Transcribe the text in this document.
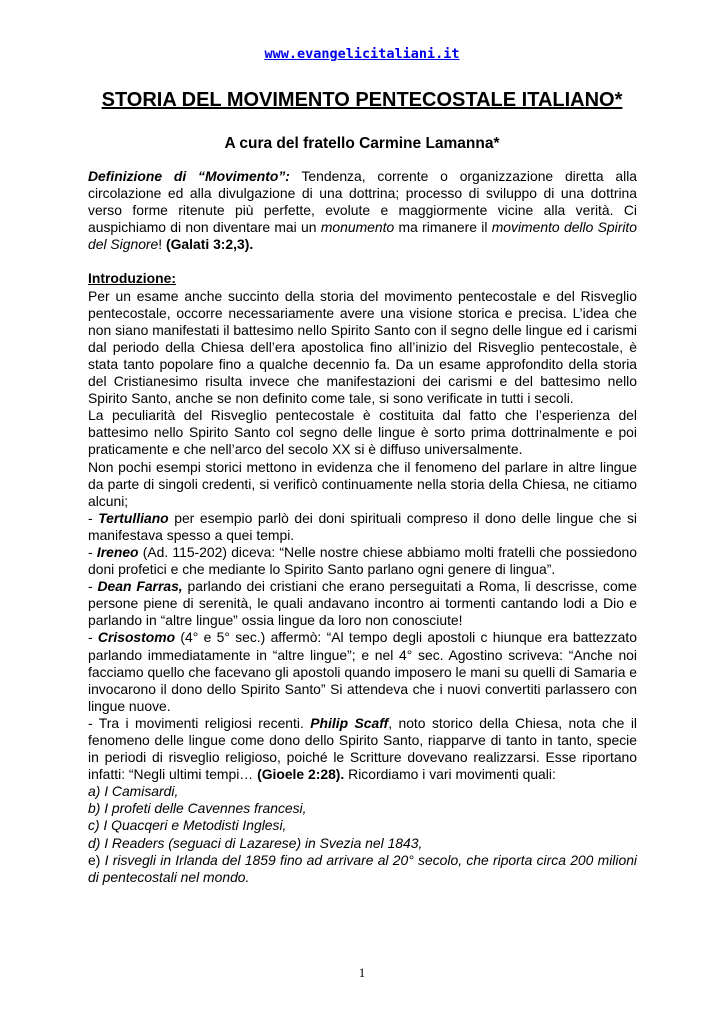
www.evangelicitaliani.it
STORIA DEL MOVIMENTO PENTECOSTALE ITALIANO*
A cura del fratello Carmine Lamanna*

Definizione di “Movimento”: Tendenza, corrente o organizzazione diretta alla circolazione ed alla divulgazione di una dottrina; processo di sviluppo di una dottrina verso forme ritenute più perfette, evolute e maggiormente vicine alla verità. Ci auspichiamo di non diventare mai un monumento ma rimanere il movimento dello Spirito del Signore! (Galati 3:2,3).

Introduzione:

Per un esame anche succinto della storia del movimento pentecostale e del Risveglio pentecostale, occorre necessariamente avere una visione storica e precisa. L’idea che non siano manifestati il battesimo nello Spirito Santo con il segno delle lingue ed i carismi dal periodo della Chiesa dell’era apostolica fino all’inizio del Risveglio pentecostale, è stata tanto popolare fino a qualche decennio fa. Da un esame approfondito della storia del Cristianesimo risulta invece che manifestazioni dei carismi e del battesimo nello Spirito Santo, anche se non definito come tale, si sono verificate in tutti i secoli.

La peculiarità del Risveglio pentecostale è costituita dal fatto che l’esperienza del battesimo nello Spirito Santo col segno delle lingue è sorto prima dottrinalmente e poi praticamente e che nell’arco del secolo XX si è diffuso universalmente.

Non pochi esempi storici mettono in evidenza che il fenomeno del parlare in altre lingue da parte di singoli credenti, si verificò continuamente nella storia della Chiesa, ne citiamo alcuni;

- Tertulliano per esempio parlò dei doni spirituali compreso il dono delle lingue che si manifestava spesso a quei tempi.

- Ireneo (Ad. 115-202) diceva: “Nelle nostre chiese abbiamo molti fratelli che possiedono doni profetici e che mediante lo Spirito Santo parlano ogni genere di lingua”.

- Dean Farras, parlando dei cristiani che erano perseguitati a Roma, li descrisse, come persone piene di serenità, le quali andavano incontro ai tormenti cantando lodi a Dio e parlando in “altre lingue” ossia lingue da loro non conosciute!

- Crisostomo (4° e 5° sec.) affermò: “Al tempo degli apostoli c hiunque era battezzato parlando immediatamente in “altre lingue”; e nel 4° sec. Agostino scriveva: “Anche noi facciamo quello che facevano gli apostoli quando imposero le mani su quelli di Samaria e invocarono il dono dello Spirito Santo” Si attendeva che i nuovi convertiti parlassero con lingue nuove.

- Tra i movimenti religiosi recenti. Philip Scaff, noto storico della Chiesa, nota che il fenomeno delle lingue come dono dello Spirito Santo, riapparve di tanto in tanto, specie in periodi di risveglio religioso, poiché le Scritture dovevano realizzarsi. Esse riportano infatti: “Negli ultimi tempi… (Gioele 2:28). Ricordiamo i vari movimenti quali:

a) I Camisardi,

b) I profeti delle Cavennes francesi,

c) I Quacqeri e Metodisti Inglesi,

d) I Readers (seguaci di Lazarese) in Svezia nel 1843,

e) I risvegli in Irlanda del 1859 fino ad arrivare al 20° secolo, che riporta circa 200 milioni di pentecostali nel mondo.

1
